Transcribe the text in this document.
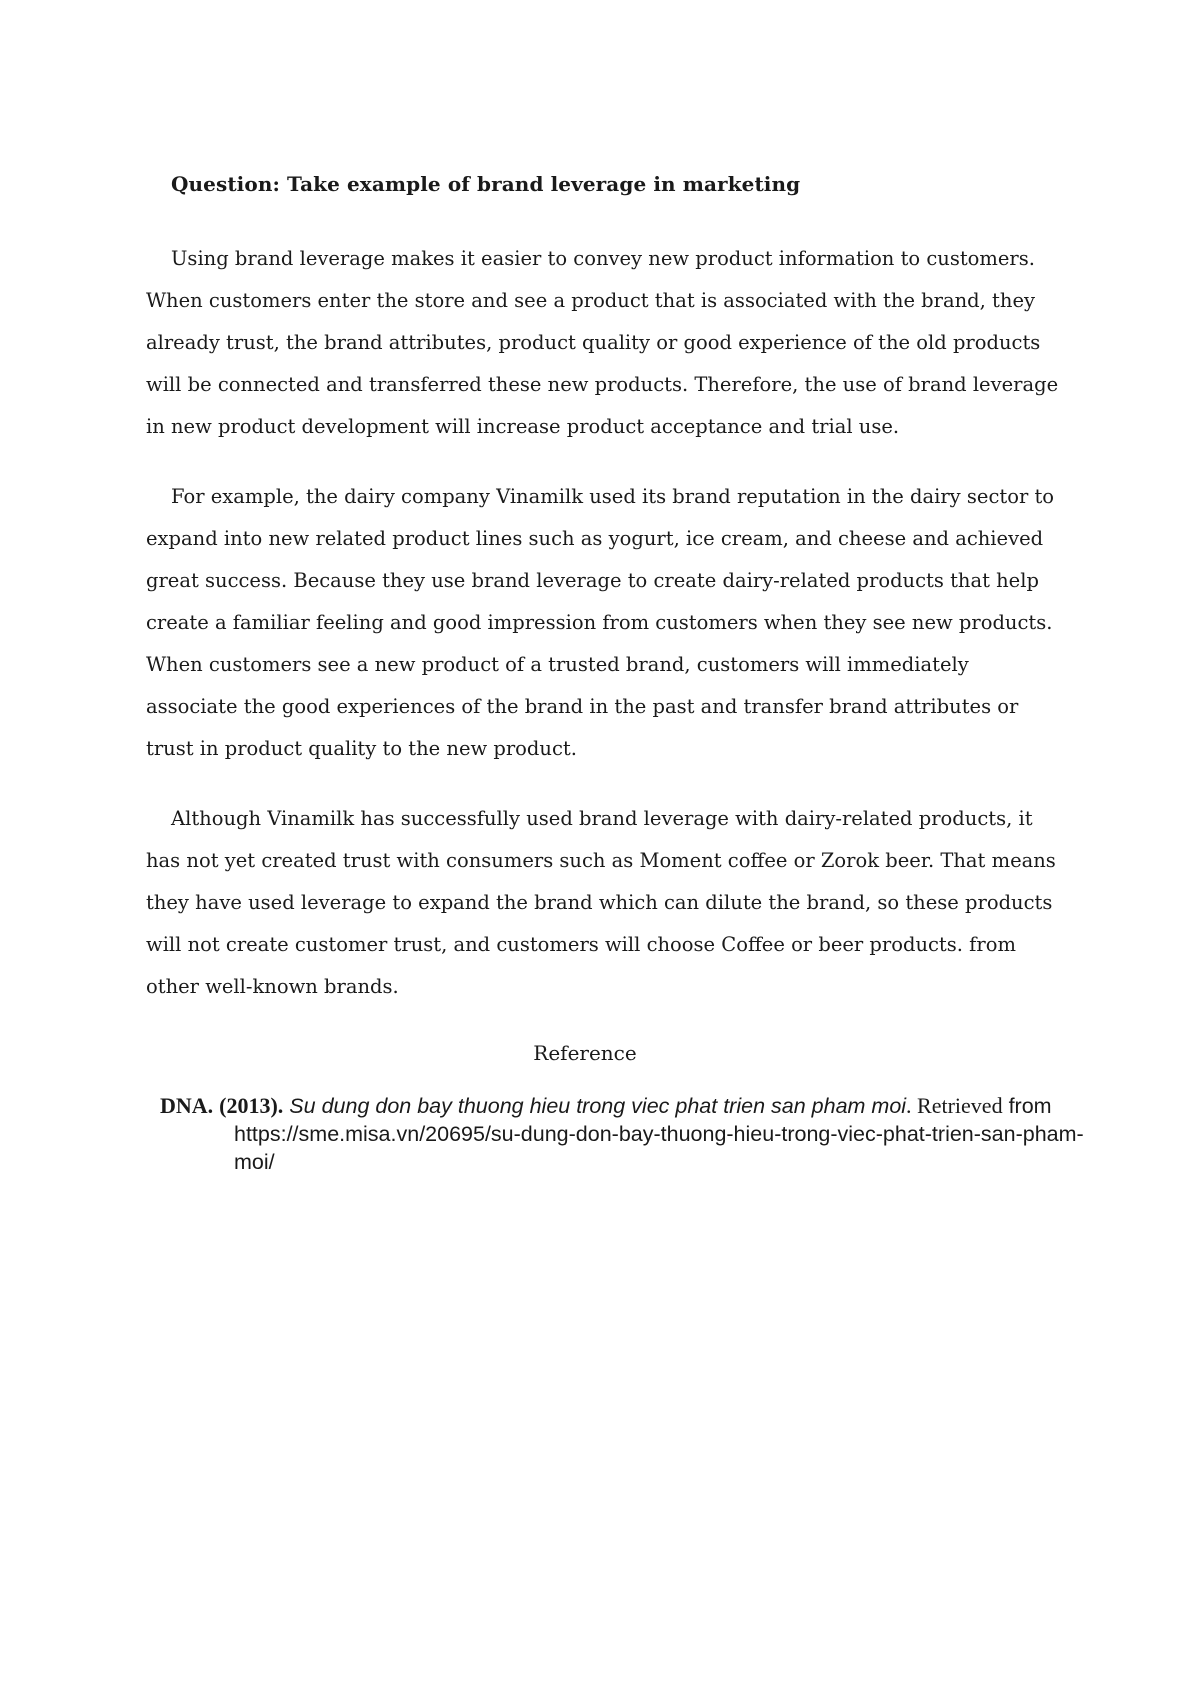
Question: Take example of brand leverage in marketing

Using brand leverage makes it easier to convey new product information to customers. When customers enter the store and see a product that is associated with the brand, they already trust, the brand attributes, product quality or good experience of the old products will be connected and transferred these new products. Therefore, the use of brand leverage in new product development will increase product acceptance and trial use.

For example, the dairy company Vinamilk used its brand reputation in the dairy sector to expand into new related product lines such as yogurt, ice cream, and cheese and achieved great success. Because they use brand leverage to create dairy-related products that help create a familiar feeling and good impression from customers when they see new products. When customers see a new product of a trusted brand, customers will immediately associate the good experiences of the brand in the past and transfer brand attributes or trust in product quality to the new product.

Although Vinamilk has successfully used brand leverage with dairy-related products, it has not yet created trust with consumers such as Moment coffee or Zorok beer. That means they have used leverage to expand the brand which can dilute the brand, so these products will not create customer trust, and customers will choose Coffee or beer products. from other well-known brands.

Reference
DNA. (2013). Su dung don bay thuong hieu trong viec phat trien san pham moi. Retrieved from https://sme.misa.vn/20695/su-dung-don-bay-thuong-hieu-trong-viec-phat-trien-san-pham-moi/
